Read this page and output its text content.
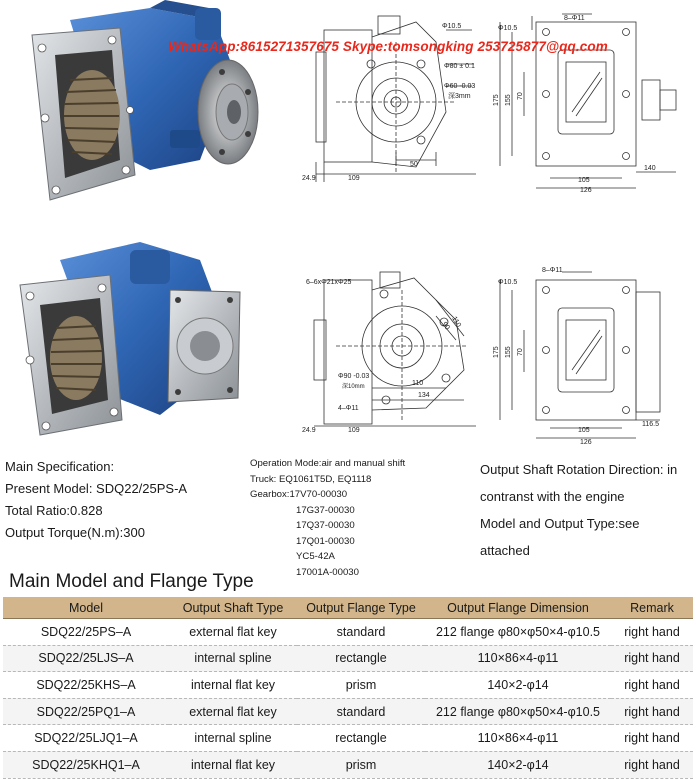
Φ10.5
Φ80 ± 0.1
Φ60 -0.03
深3mm
24.9	109
50
Φ10.5
8–Φ11
175 155 70
105
126
140
6–6xΦ21xΦ25
90 110
Φ90 -0.03
深10mm	110
134
4–Φ11
24.9	109
Φ10.5
8–Φ11
175 155 70
105
126
116.5
WhatsApp:8615271357675 Skype:tomsongking 253725877@qq.com
Main Specification:
Present Model: SDQ22/25PS-A
Total Ratio:0.828
Output Torque(N.m):300
Operation Mode:air and manual shift
Truck: EQ1061T5D, EQ1118
Gearbox:17V70-00030
17G37-00030
17Q37-00030
17Q01-00030
YC5-42A
17001A-00030
Output Shaft Rotation Direction: in
contranst with the engine
Model and Output Type:see
attached
Main Model and Flange Type
Model	Output Shaft Type	Output Flange Type	Output Flange Dimension	Remark
SDQ22/25PS–A	external flat key	standard	212 flange φ80×φ50×4-φ10.5	right hand
SDQ22/25LJS–A	internal spline	rectangle	110×86×4-φ11	right hand
SDQ22/25KHS–A	internal flat key	prism	140×2-φ14	right hand
SDQ22/25PQ1–A	external flat key	standard	212 flange φ80×φ50×4-φ10.5	right hand
SDQ22/25LJQ1–A	internal spline	rectangle	110×86×4-φ11	right hand
SDQ22/25KHQ1–A	internal flat key	prism	140×2-φ14	right hand
